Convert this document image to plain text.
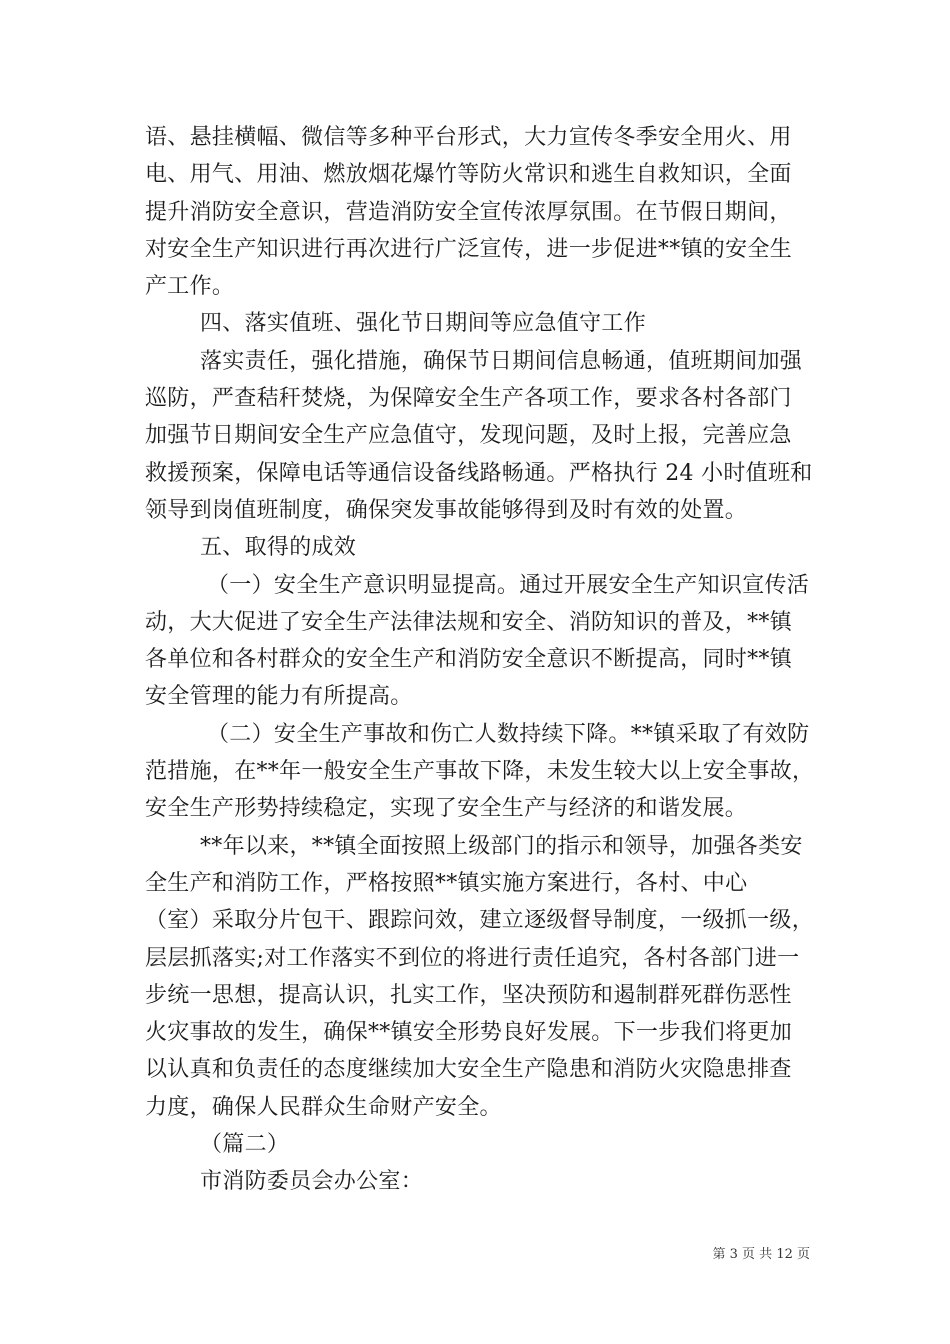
语、悬挂横幅、微信等多种平台形式，大力宣传冬季安全用火、用
电、用气、用油、燃放烟花爆竹等防火常识和逃生自救知识，全面
提升消防安全意识，营造消防安全宣传浓厚氛围。在节假日期间，
对安全生产知识进行再次进行广泛宣传，进一步促进**镇的安全生
产工作。
四、落实值班、强化节日期间等应急值守工作
落实责任，强化措施，确保节日期间信息畅通，值班期间加强
巡防，严查秸秆焚烧，为保障安全生产各项工作，要求各村各部门
加强节日期间安全生产应急值守，发现问题，及时上报，完善应急
救援预案，保障电话等通信设备线路畅通。严格执行 24 小时值班和
领导到岗值班制度，确保突发事故能够得到及时有效的处置。
五、取得的成效
（一）安全生产意识明显提高。通过开展安全生产知识宣传活
动，大大促进了安全生产法律法规和安全、消防知识的普及，**镇
各单位和各村群众的安全生产和消防安全意识不断提高，同时**镇
安全管理的能力有所提高。
（二）安全生产事故和伤亡人数持续下降。**镇采取了有效防
范措施，在**年一般安全生产事故下降，未发生较大以上安全事故，
安全生产形势持续稳定，实现了安全生产与经济的和谐发展。
**年以来，**镇全面按照上级部门的指示和领导，加强各类安
全生产和消防工作，严格按照**镇实施方案进行，各村、中心
（室）采取分片包干、跟踪问效，建立逐级督导制度，一级抓一级，
层层抓落实;对工作落实不到位的将进行责任追究，各村各部门进一
步统一思想，提高认识，扎实工作，坚决预防和遏制群死群伤恶性
火灾事故的发生，确保**镇安全形势良好发展。下一步我们将更加
以认真和负责任的态度继续加大安全生产隐患和消防火灾隐患排查
力度，确保人民群众生命财产安全。
（篇二）
市消防委员会办公室：
第 3 页 共 12 页
